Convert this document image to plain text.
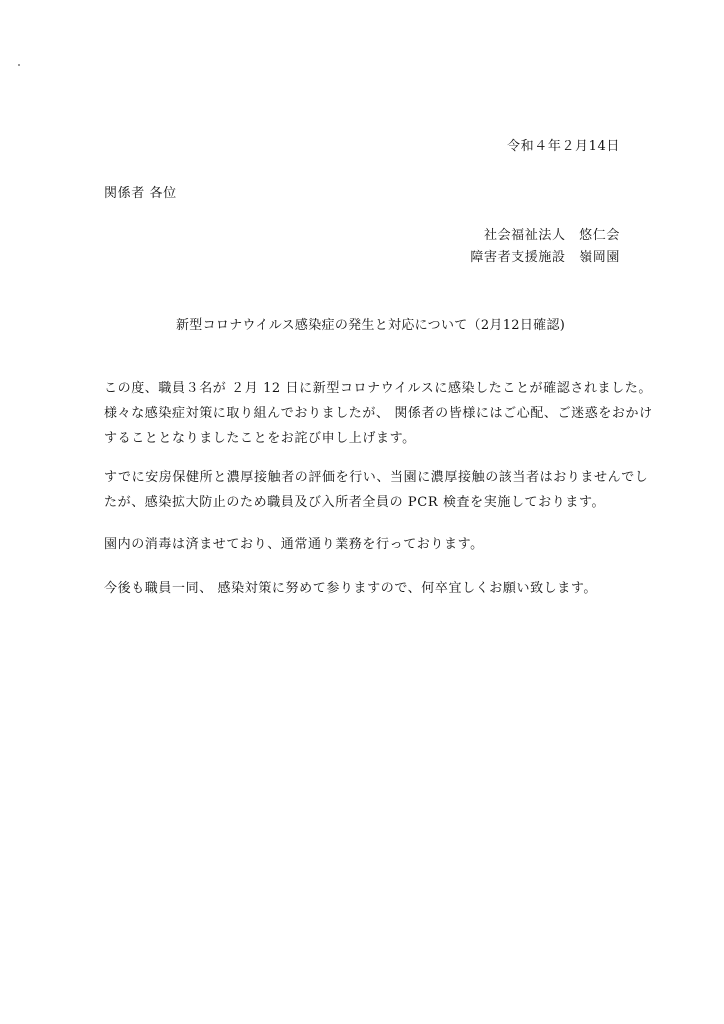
令和４年２月14日
関係者 各位
社会福祉法人　悠仁会
障害者支援施設　嶺岡園
新型コロナウイルス感染症の発生と対応について（2月12日確認)
この度、職員３名が ２月 12 日に新型コロナウイルスに感染したことが確認されました。
様々な感染症対策に取り組んでおりましたが、 関係者の皆様にはご心配、ご迷惑をおかけ
することとなりましたことをお詫び申し上げます。
すでに安房保健所と濃厚接触者の評価を行い、当園に濃厚接触の該当者はおりませんでし
たが、感染拡大防止のため職員及び入所者全員の PCR 検査を実施しております。
園内の消毒は済ませており、通常通り業務を行っております。
今後も職員一同、 感染対策に努めて参りますので、何卒宜しくお願い致します。
